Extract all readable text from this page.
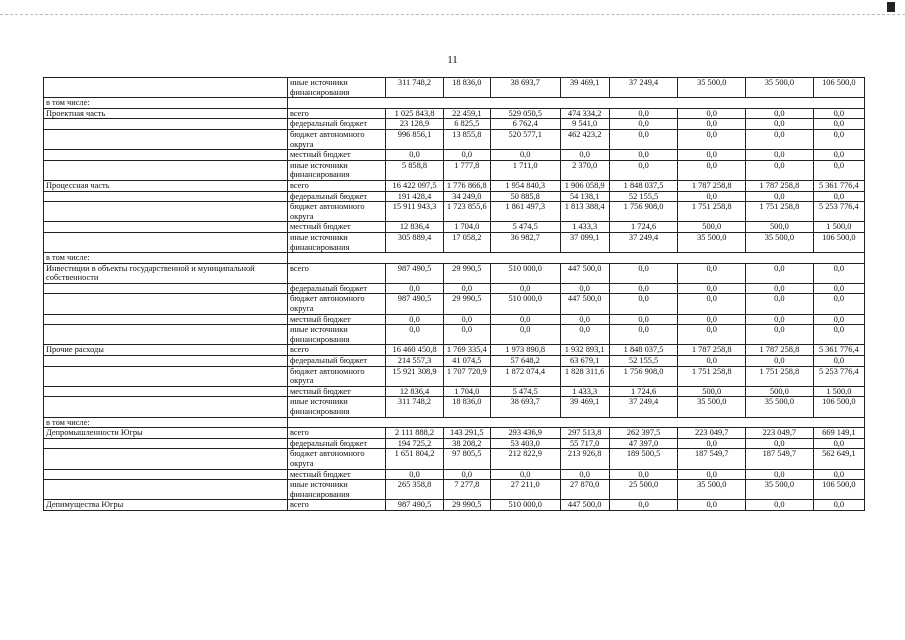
11
	иные источники финансирования	311 748,2	18 836,0	38 693,7	39 469,1	37 249,4	35 500,0	35 500,0	106 500,0
в том числе:									
Проектная часть	всего	1 025 843,8	22 459,1	529 050,5	474 334,2	0,0	0,0	0,0	0,0
	федеральный бюджет	23 128,9	6 825,5	6 762,4	9 541,0	0,0	0,0	0,0	0,0
	бюджет автономного округа	996 856,1	13 855,8	520 577,1	462 423,2	0,0	0,0	0,0	0,0
	местный бюджет	0,0	0,0	0,0	0,0	0,0	0,0	0,0	0,0
	иные источники финансирования	5 858,8	1 777,8	1 711,0	2 370,0	0,0	0,0	0,0	0,0
Процессная часть	всего	16 422 097,5	1 776 866,8	1 954 840,3	1 906 058,9	1 848 037,5	1 787 258,8	1 787 258,8	5 361 776,4
	федеральный бюджет	191 428,4	34 249,0	50 885,8	54 138,1	52 155,5	0,0	0,0	0,0
	бюджет автономного округа	15 911 943,3	1 723 855,6	1 861 497,3	1 813 388,4	1 756 908,0	1 751 258,8	1 751 258,8	5 253 776,4
	местный бюджет	12 836,4	1 704,0	5 474,5	1 433,3	1 724,6	500,0	500,0	1 500,0
	иные источники финансирования	305 889,4	17 058,2	36 982,7	37 099,1	37 249,4	35 500,0	35 500,0	106 500,0
в том числе:									
Инвестиции в объекты государственной и муниципальной собственности	всего	987 490,5	29 990,5	510 000,0	447 500,0	0,0	0,0	0,0	0,0
	федеральный бюджет	0,0	0,0	0,0	0,0	0,0	0,0	0,0	0,0
	бюджет автономного округа	987 490,5	29 990,5	510 000,0	447 500,0	0,0	0,0	0,0	0,0
	местный бюджет	0,0	0,0	0,0	0,0	0,0	0,0	0,0	0,0
	иные источники финансирования	0,0	0,0	0,0	0,0	0,0	0,0	0,0	0,0
Прочие расходы	всего	16 460 450,8	1 769 335,4	1 973 890,8	1 932 893,1	1 848 037,5	1 787 258,8	1 787 258,8	5 361 776,4
	федеральный бюджет	214 557,3	41 074,5	57 648,2	63 679,1	52 155,5	0,0	0,0	0,0
	бюджет автономного округа	15 921 308,9	1 707 720,9	1 872 074,4	1 828 311,6	1 756 908,0	1 751 258,8	1 751 258,8	5 253 776,4
	местный бюджет	12 836,4	1 704,0	5 474,5	1 433,3	1 724,6	500,0	500,0	1 500,0
	иные источники финансирования	311 748,2	18 836,0	38 693,7	39 469,1	37 249,4	35 500,0	35 500,0	106 500,0
в том числе:									
Депромышленности Югры	всего	2 111 888,2	143 291,5	293 436,9	297 513,8	262 397,5	223 049,7	223 049,7	669 149,1
	федеральный бюджет	194 725,2	38 208,2	53 403,0	55 717,0	47 397,0	0,0	0,0	0,0
	бюджет автономного округа	1 651 804,2	97 805,5	212 822,9	213 926,8	189 500,5	187 549,7	187 549,7	562 649,1
	местный бюджет	0,0	0,0	0,0	0,0	0,0	0,0	0,0	0,0
	иные источники финансирования	265 358,8	7 277,8	27 211,0	27 870,0	25 500,0	35 500,0	35 500,0	106 500,0
Депимущества Югры	всего	987 490,5	29 990,5	510 000,0	447 500,0	0,0	0,0	0,0	0,0
